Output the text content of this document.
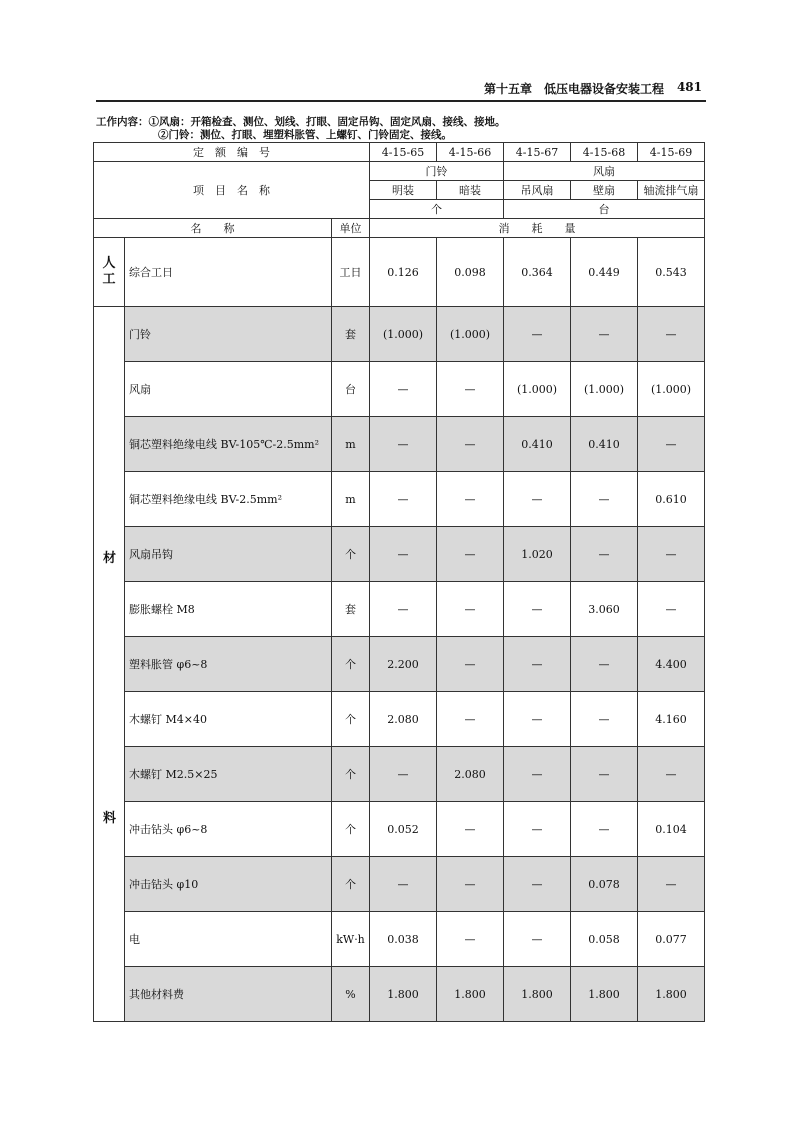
第十五章　低压电器设备安装工程 481
工作内容：①风扇：开箱检查、测位、划线、打眼、固定吊钩、固定风扇、接线、接地。
②门铃：测位、打眼、埋塑料胀管、上螺钉、门铃固定、接线。
定　额　编　号			4-15-65	4-15-66	4-15-67	4-15-68	4-15-69
项　目　名　称			门铃		风扇		
			明装	暗装	吊风扇	壁扇	轴流排气扇
			个		台		
名　　称		单位	消　　耗　　量				

人
工	综合工日	工日	0.126	0.098	0.364	0.449	0.543

材
料	门铃	套	(1.000)	(1.000)	—	—	—
	风扇	台	—	—	(1.000)	(1.000)	(1.000)
	铜芯塑料绝缘电线 BV-105℃-2.5mm²	m	—	—	0.410	0.410	—
	铜芯塑料绝缘电线 BV-2.5mm²	m	—	—	—	—	0.610
	风扇吊钩	个	—	—	1.020	—	—
	膨胀螺栓 M8	套	—	—	—	3.060	—
	塑料胀管 φ6~8	个	2.200	—	—	—	4.400
	木螺钉 M4×40	个	2.080	—	—	—	4.160
	木螺钉 M2.5×25	个	—	2.080	—	—	—
	冲击钻头 φ6~8	个	0.052	—	—	—	0.104
	冲击钻头 φ10	个	—	—	—	0.078	—
	电	kW·h	0.038	—	—	0.058	0.077
	其他材料费	%	1.800	1.800	1.800	1.800	1.800
